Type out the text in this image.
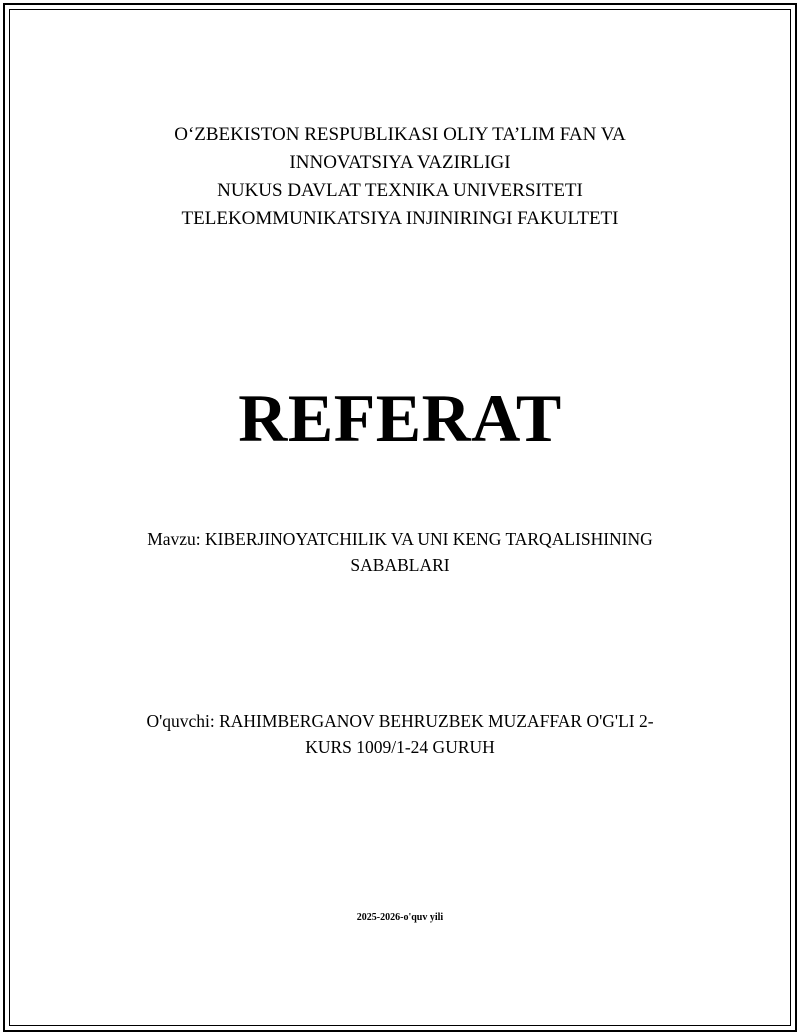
O‘ZBEKISTON RESPUBLIKASI OLIY TA’LIM FAN VA
INNOVATSIYA VAZIRLIGI
NUKUS DAVLAT TEXNIKA UNIVERSITETI
TELEKOMMUNIKATSIYA INJINIRINGI FAKULTETI
REFERAT
Mavzu: KIBERJINOYATCHILIK VA UNI KENG TARQALISHINING
SABABLARI
O'quvchi: RAHIMBERGANOV BEHRUZBEK MUZAFFAR O'G'LI 2-
KURS 1009/1-24 GURUH
2025-2026-o'quv yili
